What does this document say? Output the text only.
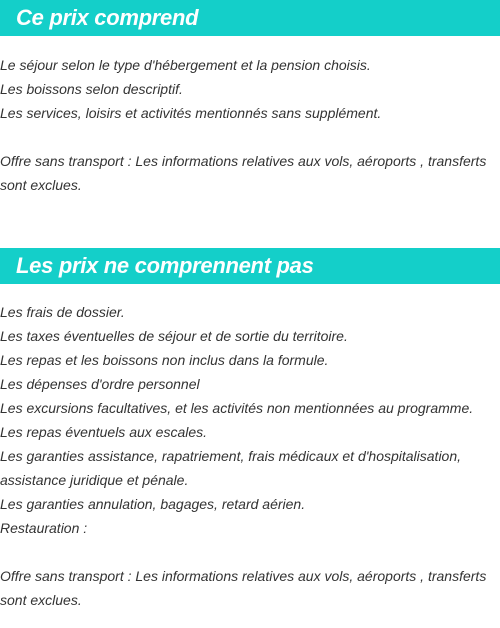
Ce prix comprend
Le séjour selon le type d'hébergement et la pension choisis.
Les boissons selon descriptif.
Les services, loisirs et activités mentionnés sans supplément.
Offre sans transport : Les informations relatives aux vols, aéroports , transferts
sont exclues.
Les prix ne comprennent pas
Les frais de dossier.
Les taxes éventuelles de séjour et de sortie du territoire.
Les repas et les boissons non inclus dans la formule.
Les dépenses d'ordre personnel
Les excursions facultatives, et les activités non mentionnées au programme.
Les repas éventuels aux escales.
Les garanties assistance, rapatriement, frais médicaux et d'hospitalisation,
assistance juridique et pénale.
Les garanties annulation, bagages, retard aérien.
Restauration :
Offre sans transport : Les informations relatives aux vols, aéroports , transferts
sont exclues.
